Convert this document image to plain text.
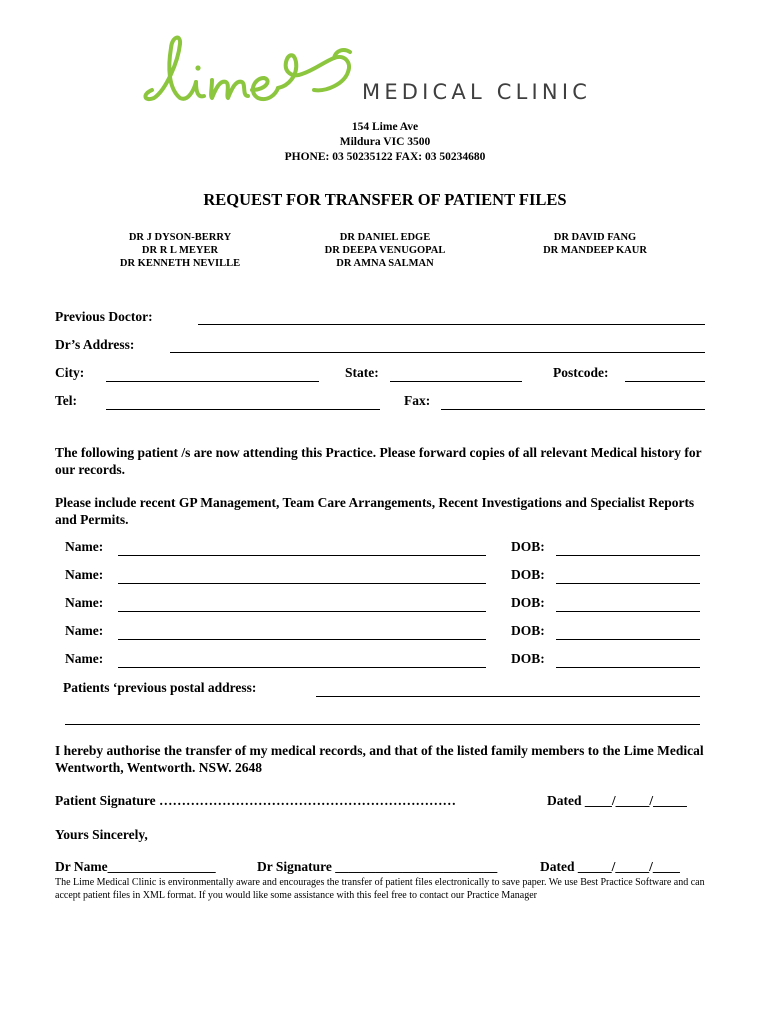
MEDICAL CLINIC
154 Lime Ave
Mildura VIC 3500
PHONE: 03 50235122 FAX: 03 50234680
REQUEST FOR TRANSFER OF PATIENT FILES
DR J DYSON-BERRY
DR R L MEYER
DR KENNETH NEVILLE
DR DANIEL EDGE
DR DEEPA VENUGOPAL
DR AMNA SALMAN
DR DAVID FANG
DR MANDEEP KAUR
Previous Doctor:
Dr’s Address:
City:	State:	Postcode:
Tel:	Fax:
The following patient /s are now attending this Practice. Please forward copies of all relevant Medical history for our records.
Please include recent GP Management, Team Care Arrangements, Recent Investigations and Specialist Reports and Permits.
Name:	DOB:
Name:	DOB:
Name:	DOB:
Name:	DOB:
Name:	DOB:
Patients ‘previous postal address:
I hereby authorise the transfer of my medical records, and that of the listed family members to the Lime Medical Wentworth, Wentworth. NSW. 2648
Patient Signature …………………………………………………………	Dated ____/_____/_____
Yours Sincerely,
Dr Name________________	Dr Signature ________________________	Dated _____/_____/____
The Lime Medical Clinic is environmentally aware and encourages the transfer of patient files electronically to save paper. We use Best Practice Software and can accept patient files in XML format. If you would like some assistance with this feel free to contact our Practice Manager
